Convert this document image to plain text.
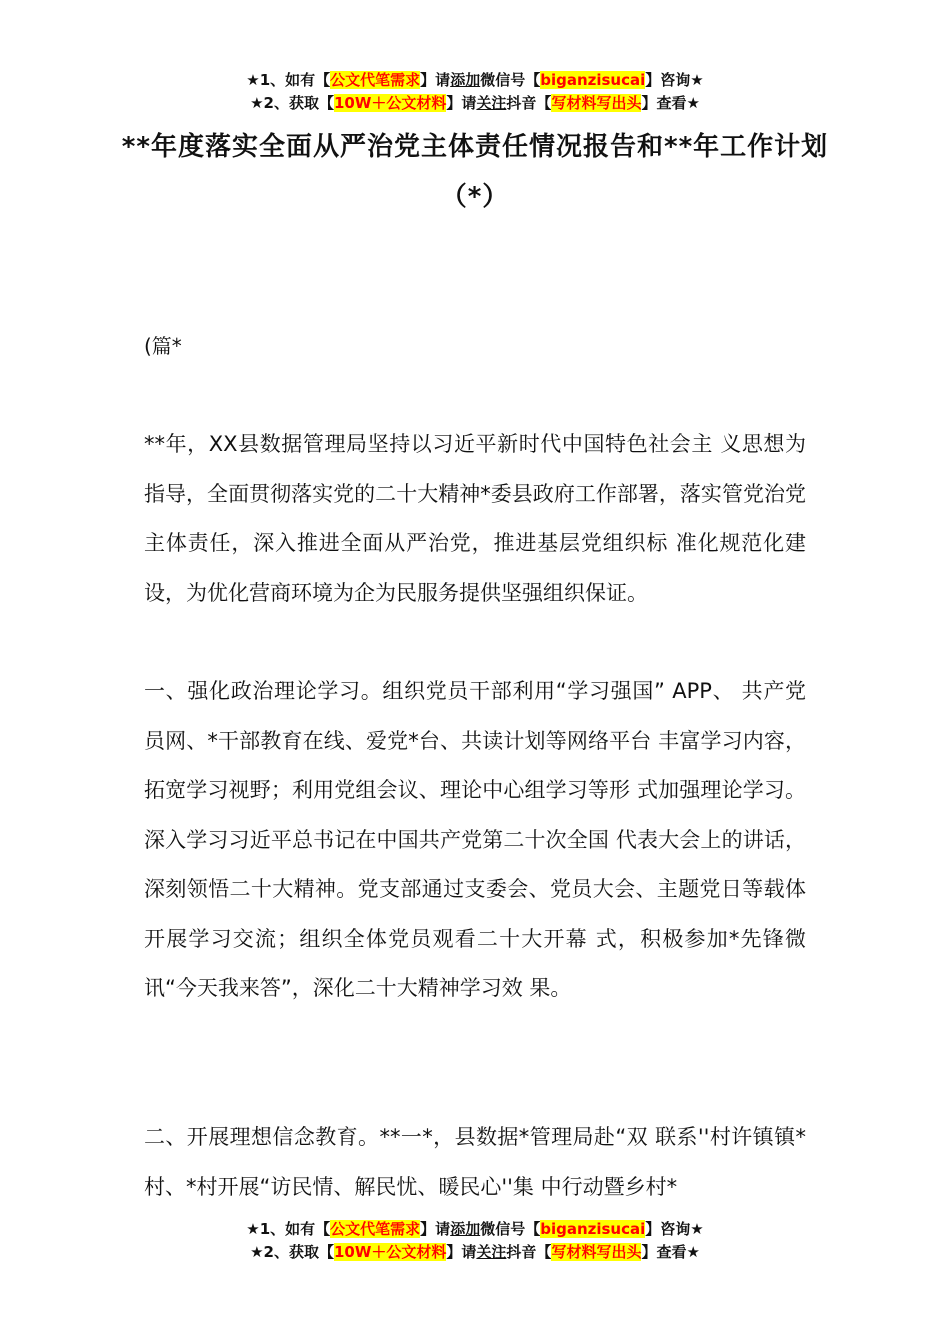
★1、如有【公文代笔需求】请添加微信号【biganzisucai】咨询★
★2、获取【10W＋公文材料】请关注抖音【写材料写出头】查看★
**年度落实全面从严治党主体责任情况报告和**年工作计划（*）
(篇*
**年，XX县数据管理局坚持以习近平新时代中国特色社会主 义思想为指导，全面贯彻落实党的二十大精神*委县政府工作部署，落实管党治党主体责任，深入推进全面从严治党，推进基层党组织标 准化规范化建设，为优化营商环境为企为民服务提供坚强组织保证。
一、强化政治理论学习。组织党员干部利用“学习强国” APP、 共产党员网、*干部教育在线、爱党*台、共读计划等网络平台 丰富学习内容，拓宽学习视野；利用党组会议、理论中心组学习等形 式加强理论学习。深入学习习近平总书记在中国共产党第二十次全国 代表大会上的讲话，深刻领悟二十大精神。党支部通过支委会、党员大会、主题党日等载体开展学习交流；组织全体党员观看二十大开幕 式，积极参加*先锋微讯“今天我来答”，深化二十大精神学习效 果。
二、开展理想信念教育。**一*，县数据*管理局赴“双 联系''村许镇镇*村、*村开展“访民情、解民忧、暖民心''集 中行动暨乡村*
★1、如有【公文代笔需求】请添加微信号【biganzisucai】咨询★
★2、获取【10W＋公文材料】请关注抖音【写材料写出头】查看★
